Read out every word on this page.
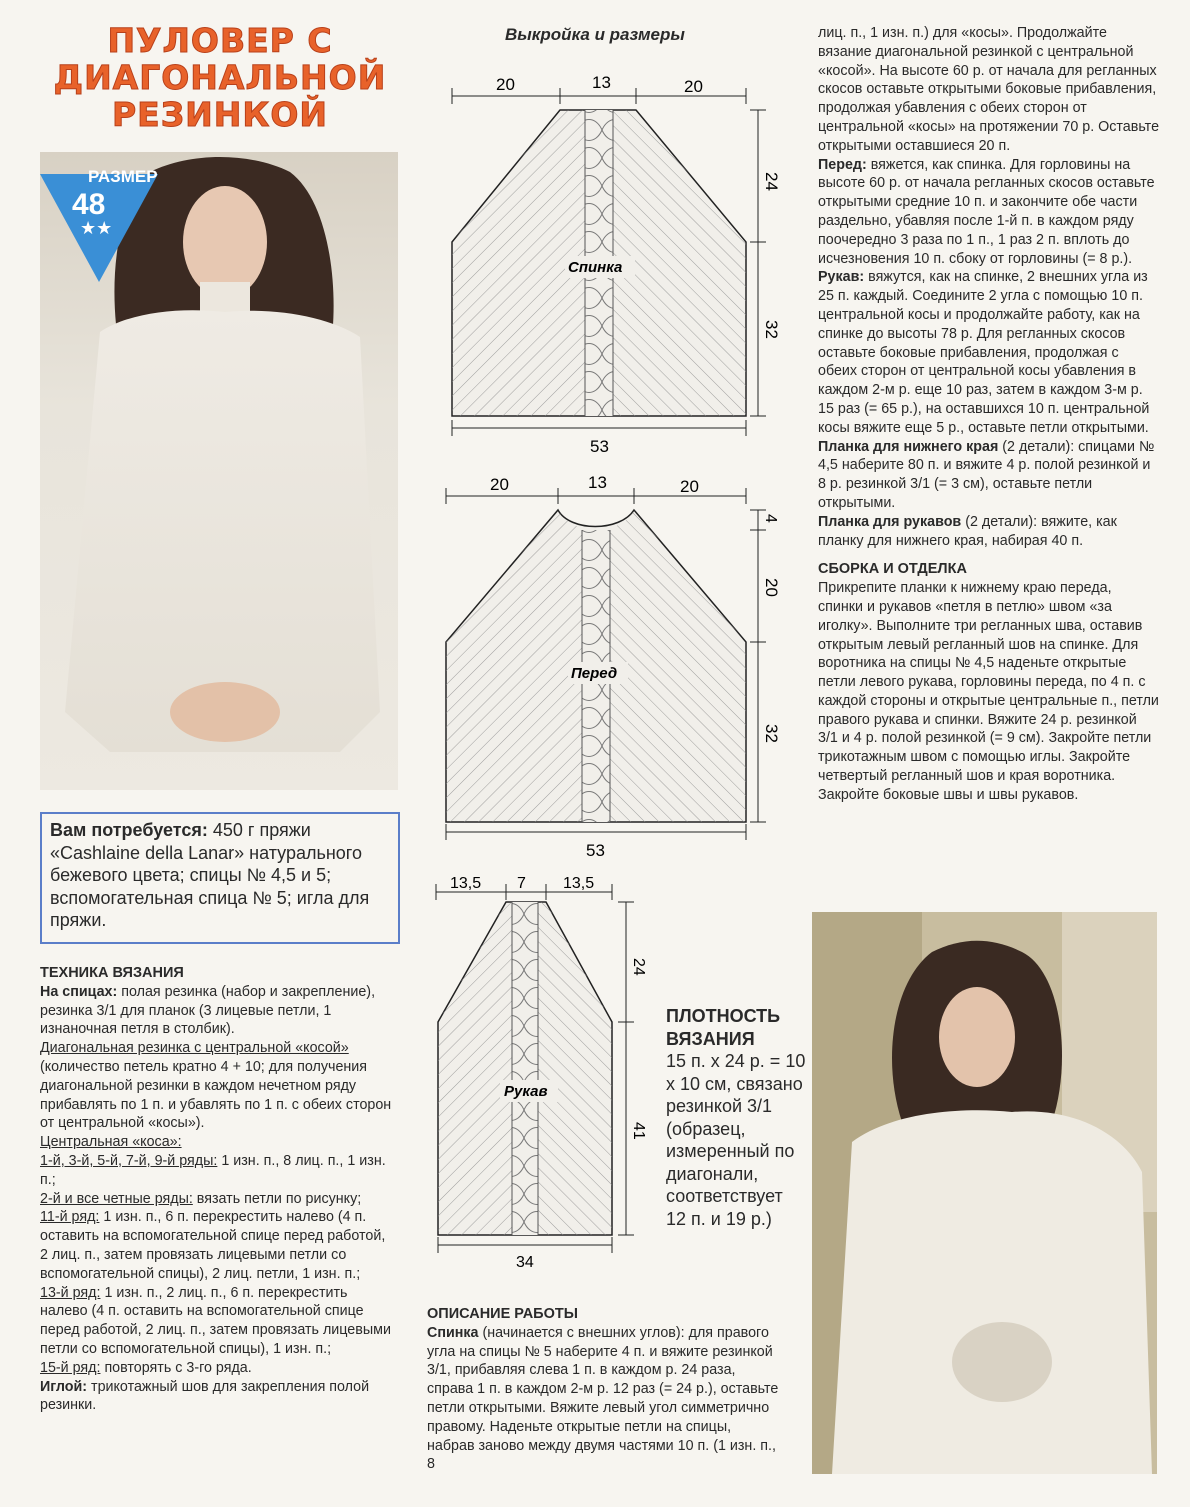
ПУЛОВЕР С
ДИАГОНАЛЬНОЙ
РЕЗИНКОЙ
РАЗМЕР
48
★★
Вам потребуется: 450 г пряжи «Cashlaine della Lanar» натурального бежевого цвета; спицы № 4,5 и 5; вспомогательная спица № 5; игла для пряжи.
ТЕХНИКА ВЯЗАНИЯ

На спицах: полая резинка (набор и закрепление), резинка 3/1 для планок (3 лицевые петли, 1 изнаночная петля в столбик).

Диагональная резинка с центральной «косой» (количество петель кратно 4 + 10; для получения диагональной резинки в каждом нечетном ряду прибавлять по 1 п. и убавлять по 1 п. с обеих сторон от центральной «косы»).

Центральная «коса»:

1-й, 3-й, 5-й, 7-й, 9-й ряды: 1 изн. п., 8 лиц. п., 1 изн. п.;

2-й и все четные ряды: вязать петли по рисунку;

11-й ряд: 1 изн. п., 6 п. перекрестить налево (4 п. оставить на вспомогательной спице перед работой, 2 лиц. п., затем провязать лицевыми петли со вспомогательной спицы), 2 лиц. петли, 1 изн. п.;

13-й ряд: 1 изн. п., 2 лиц. п., 6 п. перекрестить налево (4 п. оставить на вспомогательной спице перед работой, 2 лиц. п., затем провязать лицевыми петли со вспомогательной спицы), 1 изн. п.;

15-й ряд: повторять с 3-го ряда.

Иглой: трикотажный шов для закрепления полой резинки.

Выкройка и размеры
20	13	20
Спинка
53
24
32
20	13	20
Перед
53
4
20
32
13,5 7 13,5
Рукав
34
24
41
ПЛОТНОСТЬ
ВЯЗАНИЯ
15 п. х 24 р. = 10 х 10 см, связано резинкой 3/1 (образец, измеренный по диагонали, соответствует 12 п. и 19 р.)
ОПИСАНИЕ РАБОТЫ

Спинка (начинается с внешних углов): для правого угла на спицы № 5 наберите 4 п. и вяжите резинкой 3/1, прибавляя слева 1 п. в каждом р. 24 раза, справа 1 п. в каждом 2-м р. 12 раз (= 24 р.), оставьте петли открытыми. Вяжите левый угол симметрично правому. Наденьте открытые петли на спицы, набрав заново между двумя частями 10 п. (1 изн. п., 8

лиц. п., 1 изн. п.) для «косы». Продолжайте вязание диагональной резинкой с центральной «косой». На высоте 60 р. от начала для регланных скосов оставьте открытыми боковые прибавления, продолжая убавления с обеих сторон от центральной «косы» на протяжении 70 р. Оставьте открытыми оставшиеся 20 п.

Перед: вяжется, как спинка. Для горловины на высоте 60 р. от начала регланных скосов оставьте открытыми средние 10 п. и закончите обе части раздельно, убавляя после 1-й п. в каждом ряду поочередно 3 раза по 1 п., 1 раз 2 п. вплоть до исчезновения 10 п. сбоку от горловины (= 8 р.).

Рукав: вяжутся, как на спинке, 2 внешних угла из 25 п. каждый. Соедините 2 угла с помощью 10 п. центральной косы и продолжайте работу, как на спинке до высоты 78 р. Для регланных скосов оставьте боковые прибавления, продолжая с обеих сторон от центральной косы убавления в каждом 2-м р. еще 10 раз, затем в каждом 3-м р. 15 раз (= 65 р.), на оставшихся 10 п. центральной косы вяжите еще 5 р., оставьте петли открытыми.

Планка для нижнего края (2 детали): спицами № 4,5 наберите 80 п. и вяжите 4 р. полой резинкой и 8 р. резинкой 3/1 (= 3 см), оставьте петли открытыми.

Планка для рукавов (2 детали): вяжите, как планку для нижнего края, набирая 40 п.

СБОРКА И ОТДЕЛКА

Прикрепите планки к нижнему краю переда, спинки и рукавов «петля в петлю» швом «за иголку». Выполните три регланных шва, оставив открытым левый регланный шов на спинке. Для воротника на спицы № 4,5 наденьте открытые петли левого рукава, горловины переда, по 4 п. с каждой стороны и открытые центральные п., петли правого рукава и спинки. Вяжите 24 р. резинкой 3/1 и 4 р. полой резинкой (= 9 см). Закройте петли трикотажным швом с помощью иглы. Закройте четвертый регланный шов и края воротника. Закройте боковые швы и швы рукавов.
